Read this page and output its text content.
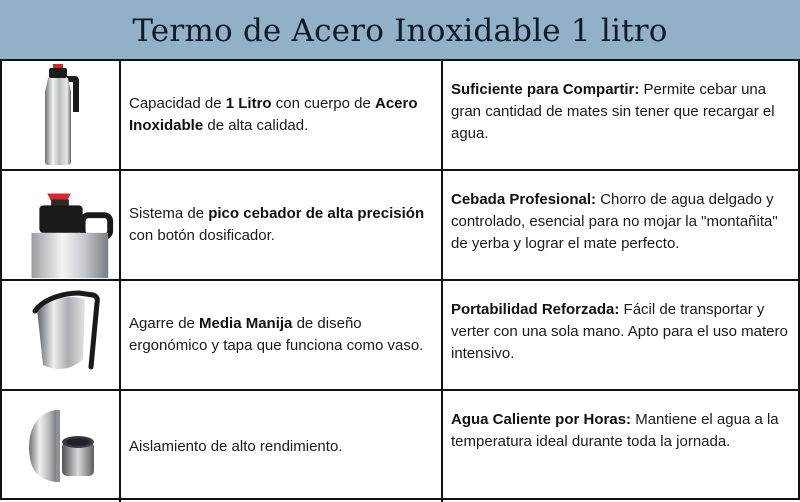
Termo de Acero Inoxidable 1 litro

Capacidad de 1 Litro con cuerpo de Acero Inoxidable de alta calidad.

Suficiente para Compartir: Permite cebar una gran cantidad de mates sin tener que recargar el agua.

Sistema de pico cebador de alta precisión con botón dosificador.

Cebada Profesional: Chorro de agua delgado y controlado, esencial para no mojar la "montañita" de yerba y lograr el mate perfecto.

Agarre de Media Manija de diseño ergonómico y tapa que funciona como vaso.

Portabilidad Reforzada: Fácil de transportar y verter con una sola mano. Apto para el uso matero intensivo.

Aislamiento de alto rendimiento.

Agua Caliente por Horas: Mantiene el agua a la temperatura ideal durante toda la jornada.
